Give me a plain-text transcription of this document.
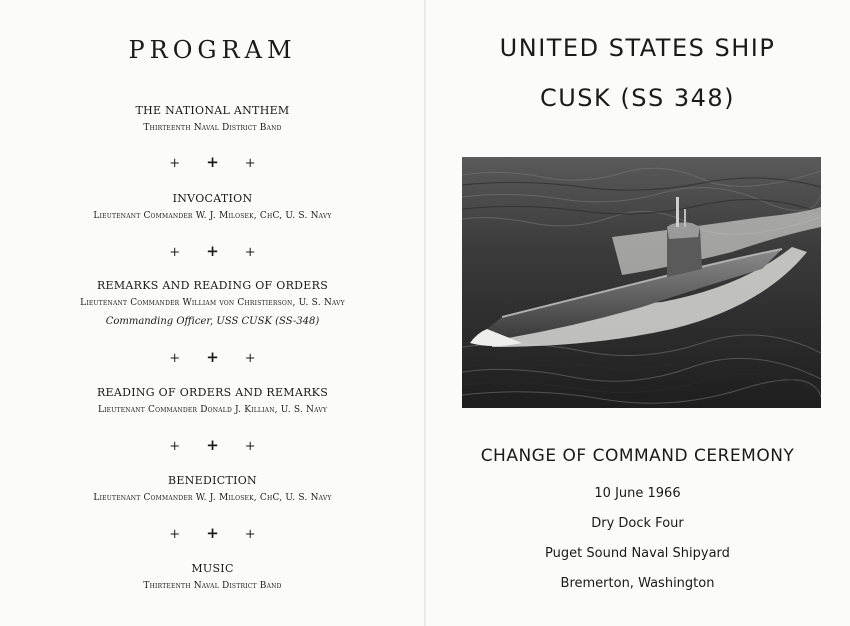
PROGRAM
THE NATIONAL ANTHEM
Thirteenth Naval District Band
+ + +
INVOCATION
Lieutenant Commander W. J. Milosek, ChC, U. S. Navy
+ + +
REMARKS AND READING OF ORDERS
Lieutenant Commander William von Christierson, U. S. Navy
Commanding Officer, USS CUSK (SS-348)
+ + +
READING OF ORDERS AND REMARKS
Lieutenant Commander Donald J. Killian, U. S. Navy
+ + +
BENEDICTION
Lieutenant Commander W. J. Milosek, ChC, U. S. Navy
+ + +
MUSIC
Thirteenth Naval District Band
UNITED STATES SHIP
CUSK (SS 348)
CHANGE OF COMMAND CEREMONY
10 June 1966
Dry Dock Four
Puget Sound Naval Shipyard
Bremerton, Washington
